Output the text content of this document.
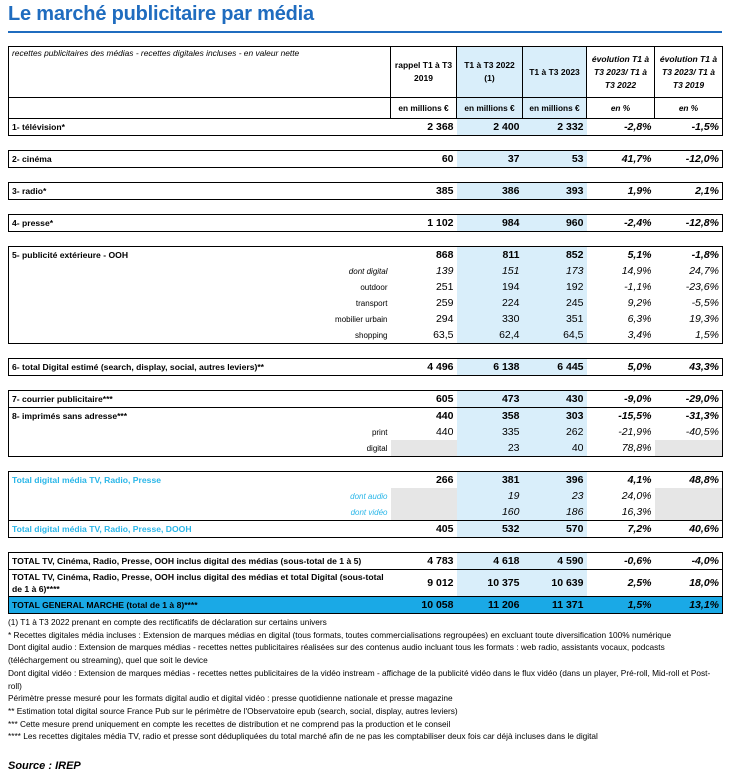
Le marché publicitaire par média
recettes publicitaires des médias - recettes digitales incluses - en valeur nette	rappel T1 à T3 2019	T1 à T3 2022 (1)	T1 à T3 2023	évolution T1 à T3 2023/ T1 à T3 2022	évolution T1 à T3 2023/ T1 à T3 2019
	en millions €	en millions €	en millions €	en %	en %
1- télévision*	2 368	2 400	2 332	-2,8%	-1,5%

2- cinéma	60	37	53	41,7%	-12,0%

3- radio*	385	386	393	1,9%	2,1%

4- presse*	1 102	984	960	-2,4%	-12,8%

5- publicité extérieure - OOH	868	811	852	5,1%	-1,8%
dont digital	139	151	173	14,9%	24,7%
outdoor	251	194	192	-1,1%	-23,6%
transport	259	224	245	9,2%	-5,5%
mobilier urbain	294	330	351	6,3%	19,3%
shopping	63,5	62,4	64,5	3,4%	1,5%

6- total Digital estimé (search, display, social, autres leviers)**	4 496	6 138	6 445	5,0%	43,3%

7- courrier publicitaire***	605	473	430	-9,0%	-29,0%
8- imprimés sans adresse***	440	358	303	-15,5%	-31,3%
print	440	335	262	-21,9%	-40,5%
digital		23	40	78,8%	

Total digital média TV, Radio, Presse	266	381	396	4,1%	48,8%
dont audio		19	23	24,0%	
dont vidéo		160	186	16,3%	
Total digital média TV, Radio, Presse, DOOH	405	532	570	7,2%	40,6%

TOTAL TV, Cinéma, Radio, Presse, OOH inclus digital des médias (sous-total de 1 à 5)	4 783	4 618	4 590	-0,6%	-4,0%
TOTAL TV, Cinéma, Radio, Presse, OOH inclus digital des médias et total Digital (sous-total de 1 à 6)****	9 012	10 375	10 639	2,5%	18,0%
TOTAL GENERAL MARCHE (total de 1 à 8)****	10 058	11 206	11 371	1,5%	13,1%
(1) T1 à T3 2022 prenant en compte des rectificatifs de déclaration sur certains univers
* Recettes digitales média incluses : Extension de marques médias en digital (tous formats, toutes commercialisations regroupées) en excluant toute diversification 100% numérique
Dont digital audio : Extension de marques médias - recettes nettes publicitaires réalisées sur des contenus audio incluant tous les formats : web radio, assistants vocaux, podcasts (téléchargement ou streaming), quel que soit le device
Dont digital vidéo : Extension de marques médias - recettes nettes publicitaires de la vidéo instream - affichage de la publicité vidéo dans le flux vidéo (dans un player, Pré-roll, Mid-roll et Post-roll)
Périmètre presse mesuré pour les formats digital audio et digital vidéo : presse quotidienne nationale et presse magazine
** Estimation total digital source France Pub sur le périmètre de l'Observatoire epub (search, social, display, autres leviers)
*** Cette mesure prend uniquement en compte les recettes de distribution et ne comprend pas la production et le conseil
**** Les recettes digitales média TV, radio et presse sont dédupliquées du total marché afin de ne pas les comptabiliser deux fois car déjà incluses dans le digital
Source : IREP
